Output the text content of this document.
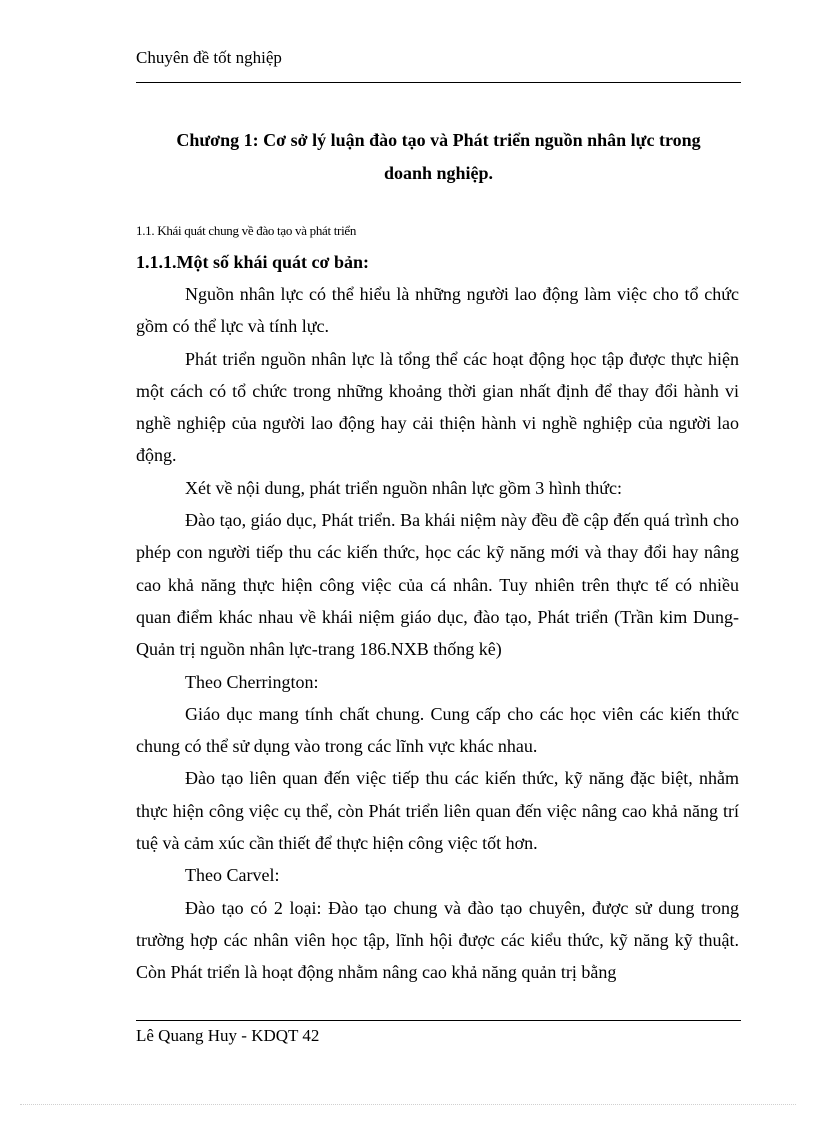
Chuyên đề tốt nghiệp
Chương 1: Cơ sở lý luận đào tạo và Phát triển nguồn nhân lực trong
doanh nghiệp.
1.1. Khái quát chung về đào tạo và phát triển
1.1.1.Một số khái quát cơ bản:

Nguồn nhân lực có thể hiểu là những người lao động làm việc cho tổ chức gồm có thể lực và tính lực.

Phát triển nguồn nhân lực là tổng thể các hoạt động học tập được thực hiện một cách có tổ chức trong những khoảng thời gian nhất định để thay đổi hành vi nghề nghiệp của người lao động hay cải thiện hành vi nghề nghiệp của người lao động.

Xét về nội dung, phát triển nguồn nhân lực gồm 3 hình thức:

Đào tạo, giáo dục, Phát triển. Ba khái niệm này đều đề cập đến quá trình cho phép con người tiếp thu các kiến thức, học các kỹ năng mới và thay đổi hay nâng cao khả năng thực hiện công việc của cá nhân. Tuy nhiên trên thực tế có nhiều quan điểm khác nhau về khái niệm giáo dục, đào tạo, Phát triển (Trần kim Dung- Quản trị nguồn nhân lực-trang 186.NXB thống kê)

Theo Cherrington:

Giáo dục mang tính chất chung. Cung cấp cho các học viên các kiến thức chung có thể sử dụng vào trong các lĩnh vực khác nhau.

Đào tạo liên quan đến việc tiếp thu các kiến thức, kỹ năng đặc biệt, nhằm thực hiện công việc cụ thể, còn Phát triển liên quan đến việc nâng cao khả năng trí tuệ và cảm xúc cần thiết để thực hiện công việc tốt hơn.

Theo Carvel:

Đào tạo có 2 loại: Đào tạo chung và đào tạo chuyên, được sử dung trong trường hợp các nhân viên học tập, lĩnh hội được các kiểu thức, kỹ năng kỹ thuật. Còn Phát triển là hoạt động nhằm nâng cao khả năng quản trị bằng

Lê Quang Huy - KDQT 42
